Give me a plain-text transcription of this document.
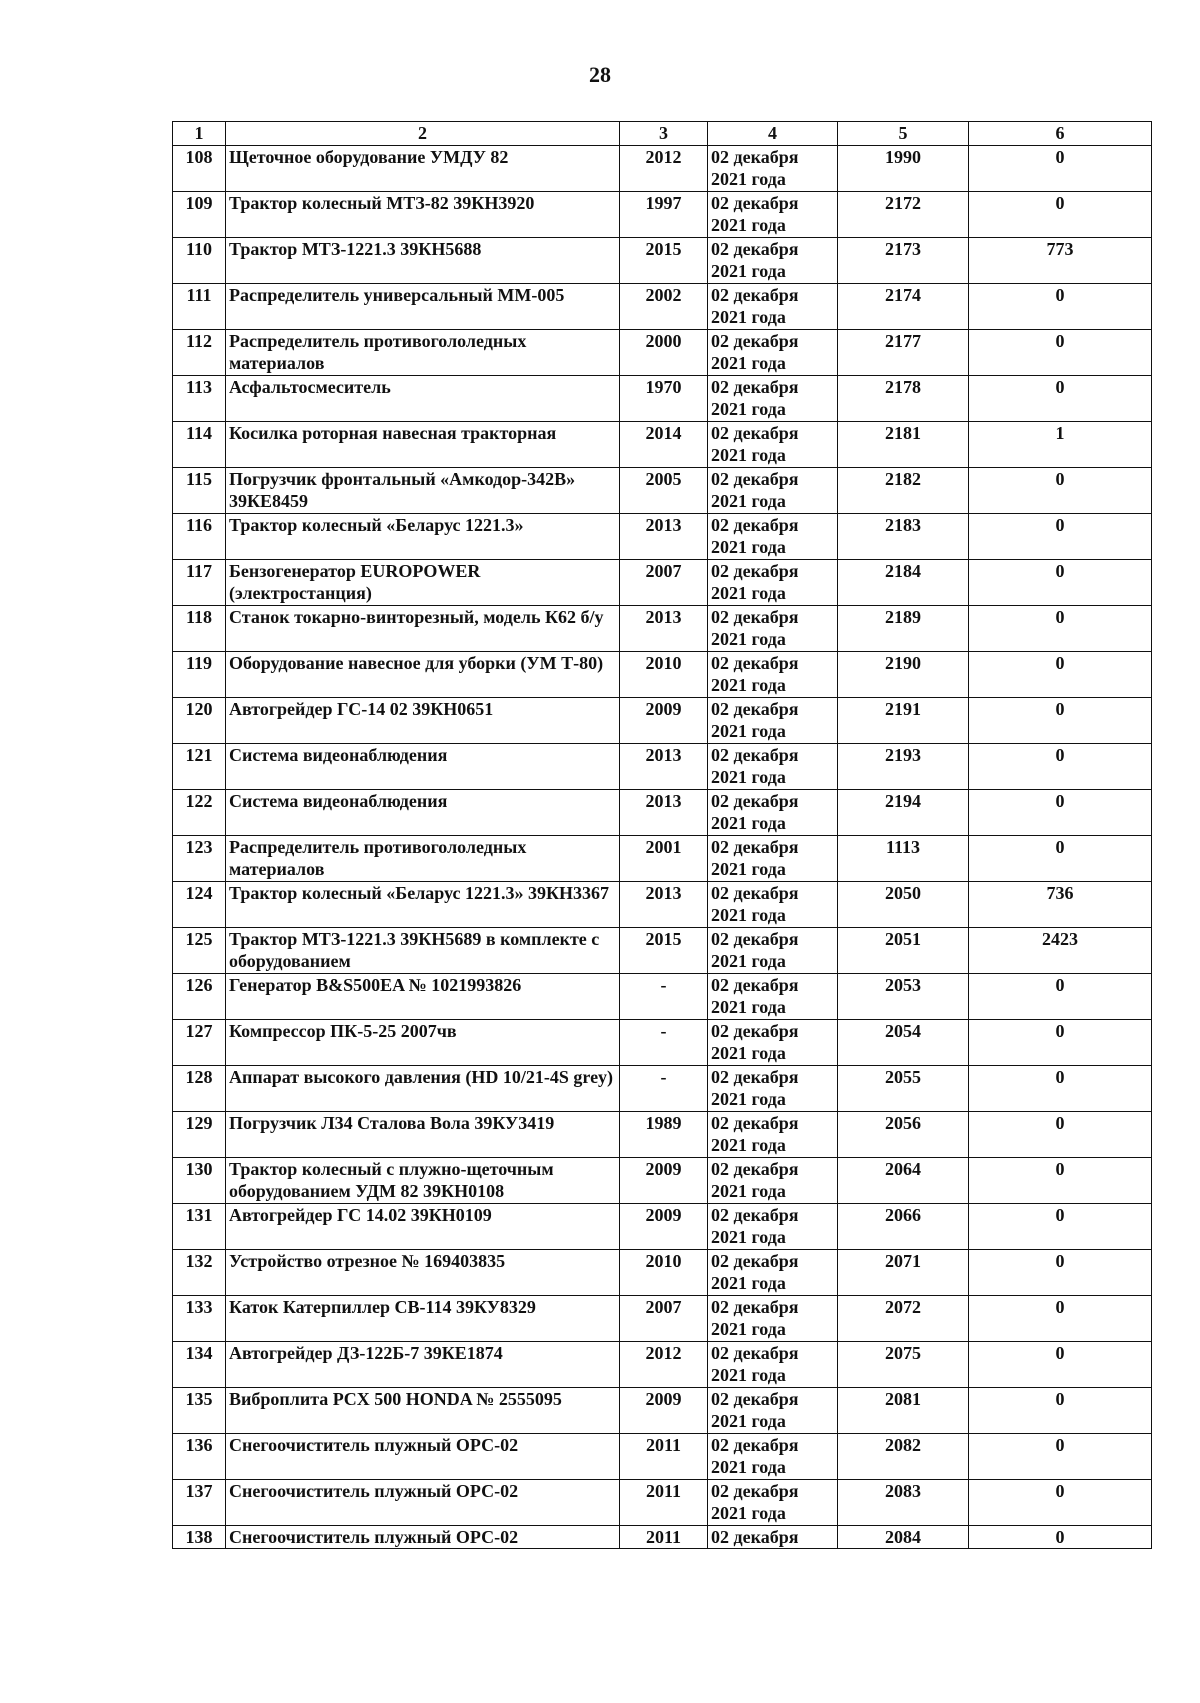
28
1	2	3	4	5	6
108	Щеточное оборудование УМДУ 82	2012	02 декабря 2021 года	1990	0
109	Трактор колесный МТЗ-82 39КН3920	1997	02 декабря 2021 года	2172	0
110	Трактор МТЗ-1221.3 39КН5688	2015	02 декабря 2021 года	2173	773
111	Распределитель универсальный ММ-005	2002	02 декабря 2021 года	2174	0
112	Распределитель противогололедных материалов	2000	02 декабря 2021 года	2177	0
113	Асфальтосмеситель	1970	02 декабря 2021 года	2178	0
114	Косилка роторная навесная тракторная	2014	02 декабря 2021 года	2181	1
115	Погрузчик фронтальный «Амкодор-342В» 39КЕ8459	2005	02 декабря 2021 года	2182	0
116	Трактор колесный «Беларус 1221.3»	2013	02 декабря 2021 года	2183	0
117	Бензогенератор EUROPOWER (электростанция)	2007	02 декабря 2021 года	2184	0
118	Станок токарно-винторезный, модель К62 б/у	2013	02 декабря 2021 года	2189	0
119	Оборудование навесное для уборки (УМ Т-80)	2010	02 декабря 2021 года	2190	0
120	Автогрейдер ГС-14 02 39КН0651	2009	02 декабря 2021 года	2191	0
121	Система видеонаблюдения	2013	02 декабря 2021 года	2193	0
122	Система видеонаблюдения	2013	02 декабря 2021 года	2194	0
123	Распределитель противогололедных материалов	2001	02 декабря 2021 года	1113	0
124	Трактор колесный «Беларус 1221.3» 39КН3367	2013	02 декабря 2021 года	2050	736
125	Трактор МТЗ-1221.3 39КН5689 в комплекте с оборудованием	2015	02 декабря 2021 года	2051	2423
126	Генератор B&S500EA № 1021993826	-	02 декабря 2021 года	2053	0
127	Компрессор ПК-5-25 2007чв	-	02 декабря 2021 года	2054	0
128	Аппарат высокого давления (HD 10/21-4S grey)	-	02 декабря 2021 года	2055	0
129	Погрузчик Л34 Сталова Вола 39КУ3419	1989	02 декабря 2021 года	2056	0
130	Трактор колесный с плужно-щеточным оборудованием УДМ 82 39КН0108	2009	02 декабря 2021 года	2064	0
131	Автогрейдер ГС 14.02 39КН0109	2009	02 декабря 2021 года	2066	0
132	Устройство отрезное № 169403835	2010	02 декабря 2021 года	2071	0
133	Каток Катерпиллер CB-114 39КУ8329	2007	02 декабря 2021 года	2072	0
134	Автогрейдер ДЗ-122Б-7 39КЕ1874	2012	02 декабря 2021 года	2075	0
135	Виброплита PCX 500 HONDA № 2555095	2009	02 декабря 2021 года	2081	0
136	Снегоочиститель плужный ОРС-02	2011	02 декабря 2021 года	2082	0
137	Снегоочиститель плужный ОРС-02	2011	02 декабря 2021 года	2083	0
138	Снегоочиститель плужный ОРС-02	2011	02 декабря	2084	0
